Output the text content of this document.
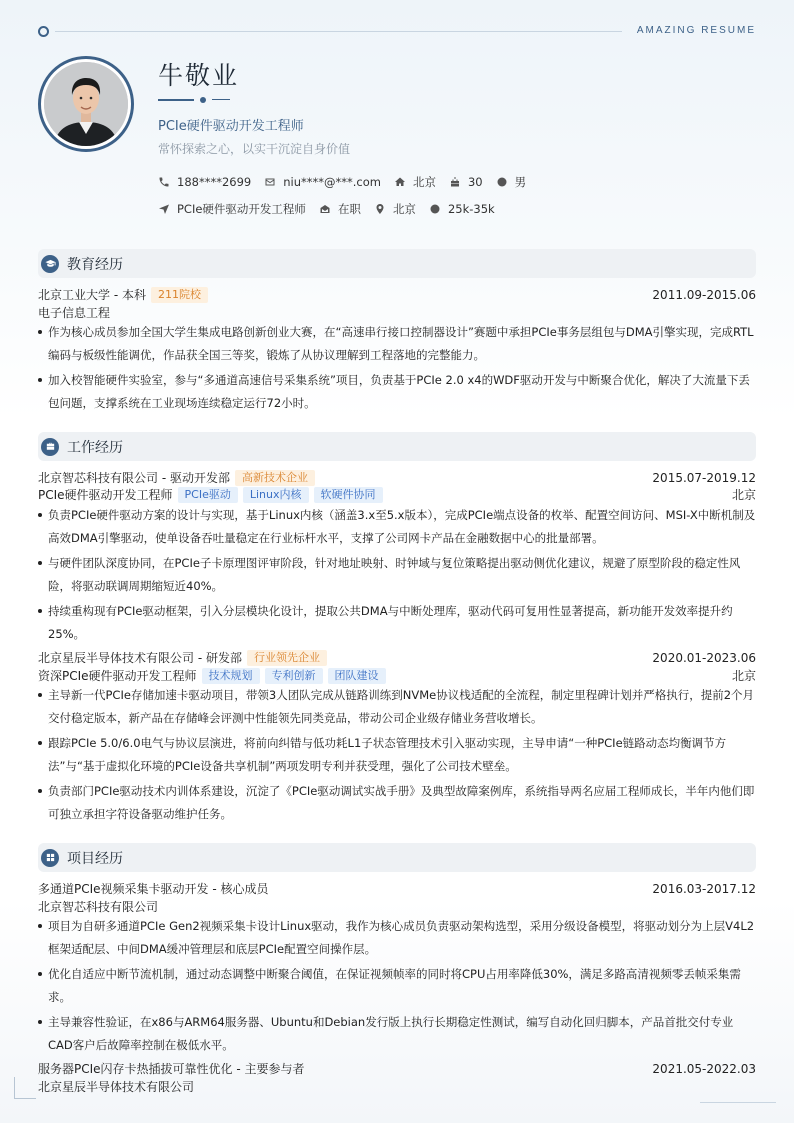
AMAZING RESUME
牛敬业
PCIe硬件驱动开发工程师
常怀探索之心，以实干沉淀自身价值
188****2699	niu****@***.com	北京	30	男
PCIe硬件驱动开发工程师	在职	北京	25k-35k
教育经历
北京工业大学 - 本科	211院校	2011.09-2015.06
电子信息工程
作为核心成员参加全国大学生集成电路创新创业大赛，在“高速串行接口控制器设计”赛题中承担PCIe事务层组包与DMA引擎实现，完成RTL编码与板级性能调优，作品获全国三等奖，锻炼了从协议理解到工程落地的完整能力。
加入校智能硬件实验室，参与“多通道高速信号采集系统”项目，负责基于PCIe 2.0 x4的WDF驱动开发与中断聚合优化，解决了大流量下丢包问题，支撑系统在工业现场连续稳定运行72小时。
工作经历
北京智芯科技有限公司 - 驱动开发部	高新技术企业	2015.07-2019.12
PCIe硬件驱动开发工程师	PCIe驱动	Linux内核	软硬件协同	北京
负责PCIe硬件驱动方案的设计与实现，基于Linux内核（涵盖3.x至5.x版本），完成PCIe端点设备的枚举、配置空间访问、MSI-X中断机制及高效DMA引擎驱动，使单设备吞吐量稳定在行业标杆水平，支撑了公司网卡产品在金融数据中心的批量部署。
与硬件团队深度协同，在PCIe子卡原理图评审阶段，针对地址映射、时钟域与复位策略提出驱动侧优化建议，规避了原型阶段的稳定性风险，将驱动联调周期缩短近40%。
持续重构现有PCIe驱动框架，引入分层模块化设计，提取公共DMA与中断处理库，驱动代码可复用性显著提高，新功能开发效率提升约25%。
北京星辰半导体技术有限公司 - 研发部	行业领先企业	2020.01-2023.06
资深PCIe硬件驱动开发工程师	技术规划	专利创新	团队建设	北京
主导新一代PCIe存储加速卡驱动项目，带领3人团队完成从链路训练到NVMe协议栈适配的全流程，制定里程碑计划并严格执行，提前2个月交付稳定版本，新产品在存储峰会评测中性能领先同类竞品，带动公司企业级存储业务营收增长。
跟踪PCIe 5.0/6.0电气与协议层演进，将前向纠错与低功耗L1子状态管理技术引入驱动实现，主导申请“一种PCIe链路动态均衡调节方法”与“基于虚拟化环境的PCIe设备共享机制”两项发明专利并获受理，强化了公司技术壁垒。
负责部门PCIe驱动技术内训体系建设，沉淀了《PCIe驱动调试实战手册》及典型故障案例库，系统指导两名应届工程师成长，半年内他们即可独立承担字符设备驱动维护任务。
项目经历
多通道PCIe视频采集卡驱动开发 - 核心成员	2016.03-2017.12
北京智芯科技有限公司
项目为自研多通道PCIe Gen2视频采集卡设计Linux驱动，我作为核心成员负责驱动架构选型，采用分级设备模型，将驱动划分为上层V4L2框架适配层、中间DMA缓冲管理层和底层PCIe配置空间操作层。
优化自适应中断节流机制，通过动态调整中断聚合阈值，在保证视频帧率的同时将CPU占用率降低30%，满足多路高清视频零丢帧采集需求。
主导兼容性验证，在x86与ARM64服务器、Ubuntu和Debian发行版上执行长期稳定性测试，编写自动化回归脚本，产品首批交付专业CAD客户后故障率控制在极低水平。
服务器PCIe闪存卡热插拔可靠性优化 - 主要参与者	2021.05-2022.03
北京星辰半导体技术有限公司
